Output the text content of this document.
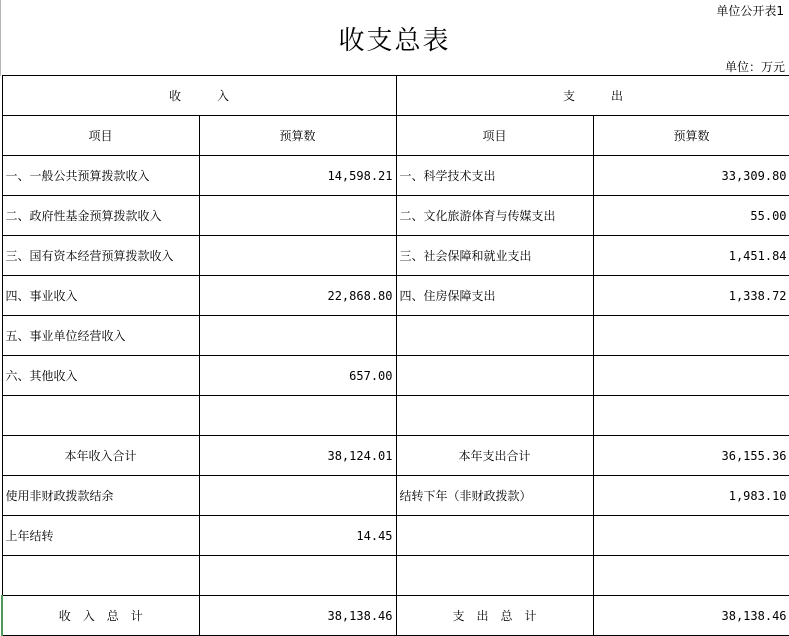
单位公开表1
收支总表
单位：万元
收　　　入		支　　　出	
项目	预算数	项目	预算数
一、一般公共预算拨款收入	14,598.21	一、科学技术支出	33,309.80
二、政府性基金预算拨款收入		二、文化旅游体育与传媒支出	55.00
三、国有资本经营预算拨款收入		三、社会保障和就业支出	1,451.84
四、事业收入	22,868.80	四、住房保障支出	1,338.72
五、事业单位经营收入			
六、其他收入	657.00		

本年收入合计	38,124.01	本年支出合计	36,155.36
使用非财政拨款结余		结转下年（非财政拨款）	1,983.10
上年结转	14.45		

收　入　总　计	38,138.46	支　出　总　计	38,138.46
